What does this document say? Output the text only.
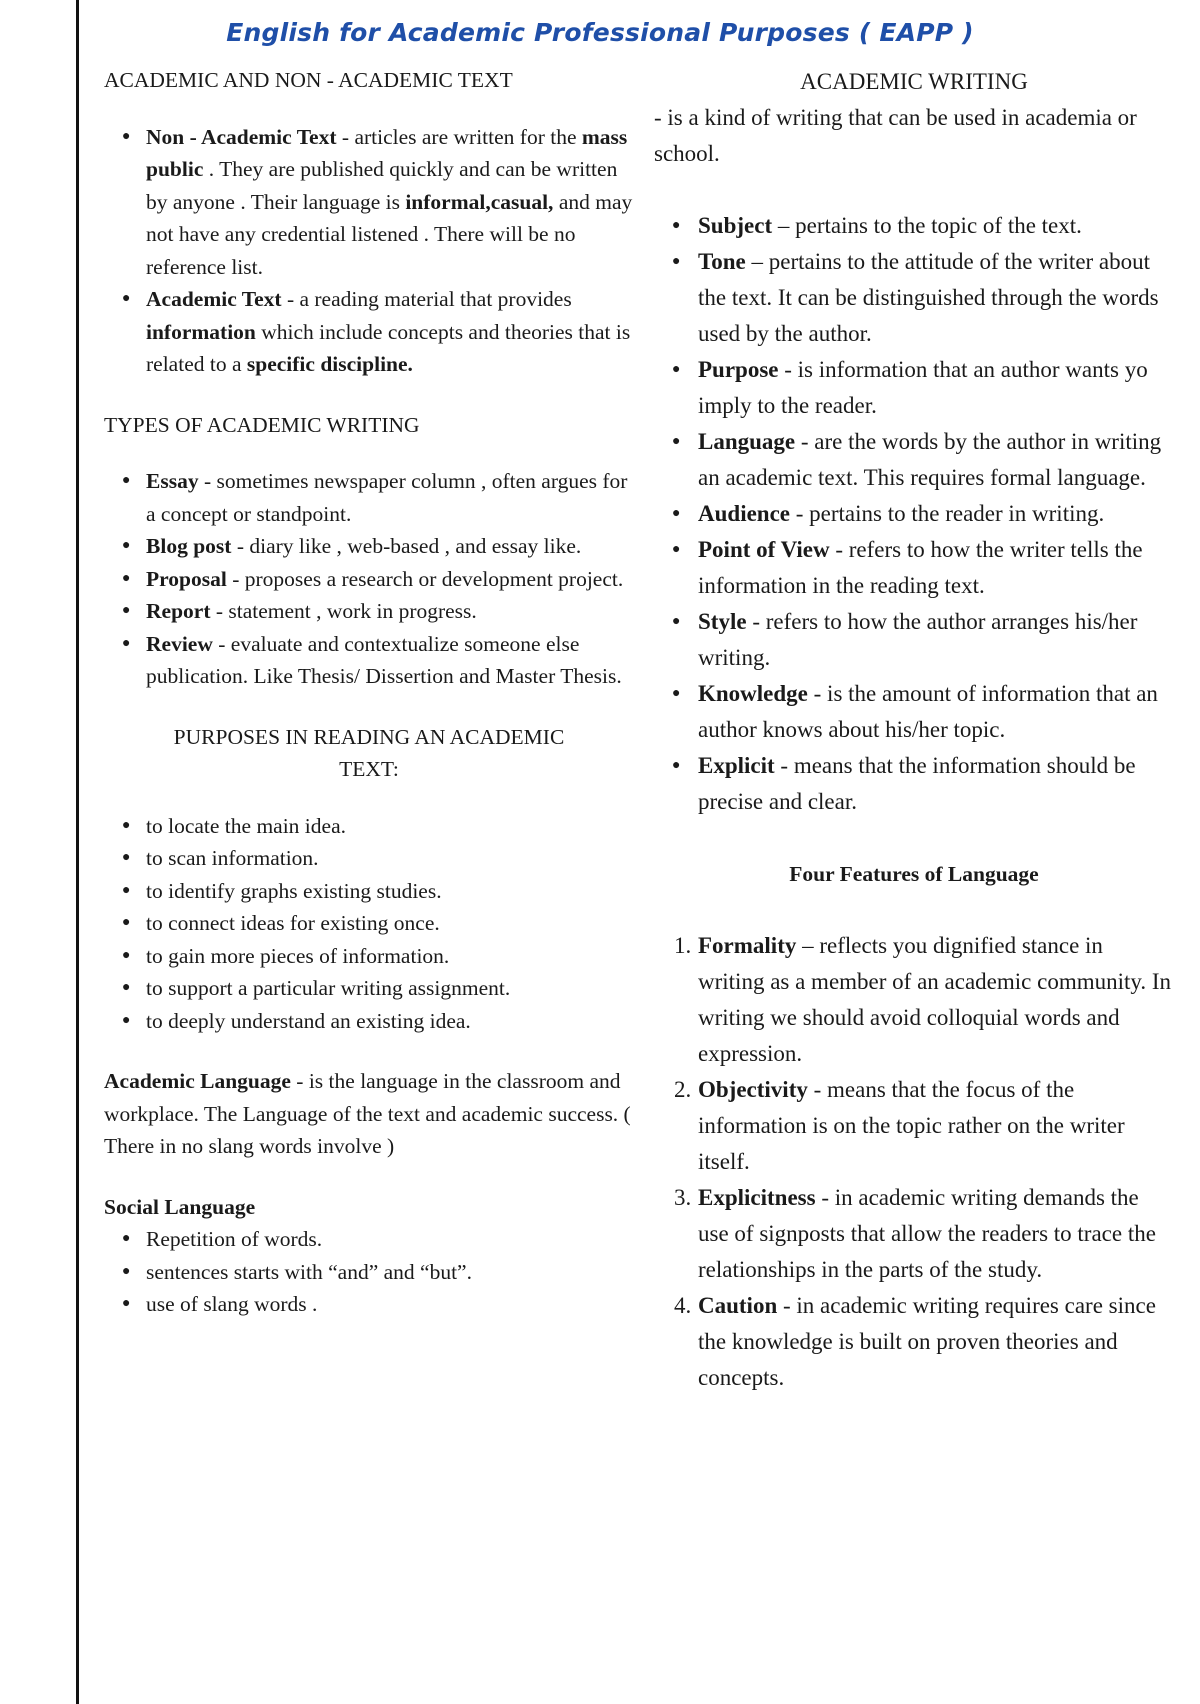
English for Academic Professional Purposes ( EAPP )
ACADEMIC AND NON - ACADEMIC TEXT
● Non - Academic Text - articles are written for the mass public . They are published quickly and can be written by anyone . Their language is informal,casual, and may not have any credential listened . There will be no reference list.
● Academic Text - a reading material that provides information which include concepts and theories that is related to a specific discipline.
TYPES OF ACADEMIC WRITING
● Essay - sometimes newspaper column , often argues for a concept or standpoint.
● Blog post - diary like , web-based , and essay like.
● Proposal - proposes a research or development project.
● Report - statement , work in progress.
● Review - evaluate and contextualize someone else publication. Like Thesis/ Dissertion and Master Thesis.
PURPOSES IN READING AN ACADEMIC TEXT:
● to locate the main idea.
● to scan information.
● to identify graphs existing studies.
● to connect ideas for existing once.
● to gain more pieces of information.
● to support a particular writing assignment.
● to deeply understand an existing idea.

Academic Language - is the language in the classroom and workplace. The Language of the text and academic success. ( There in no slang words involve )

Social Language
● Repetition of words.
● sentences starts with “and” and “but”.
● use of slang words .
ACADEMIC WRITING

- is a kind of writing that can be used in academia or school.

● Subject – pertains to the topic of the text.
● Tone – pertains to the attitude of the writer about the text. It can be distinguished through the words used by the author.
● Purpose - is information that an author wants yo imply to the reader.
● Language - are the words by the author in writing an academic text. This requires formal language.
● Audience - pertains to the reader in writing.
● Point of View - refers to how the writer tells the information in the reading text.
● Style - refers to how the author arranges his/her writing.
● Knowledge - is the amount of information that an author knows about his/her topic.
● Explicit - means that the information should be precise and clear.
Four Features of Language
1. Formality – reflects you dignified stance in writing as a member of an academic community. In writing we should avoid colloquial words and expression.
2. Objectivity - means that the focus of the information is on the topic rather on the writer itself.
3. Explicitness - in academic writing demands the use of signposts that allow the readers to trace the relationships in the parts of the study.
4. Caution - in academic writing requires care since the knowledge is built on proven theories and concepts.
